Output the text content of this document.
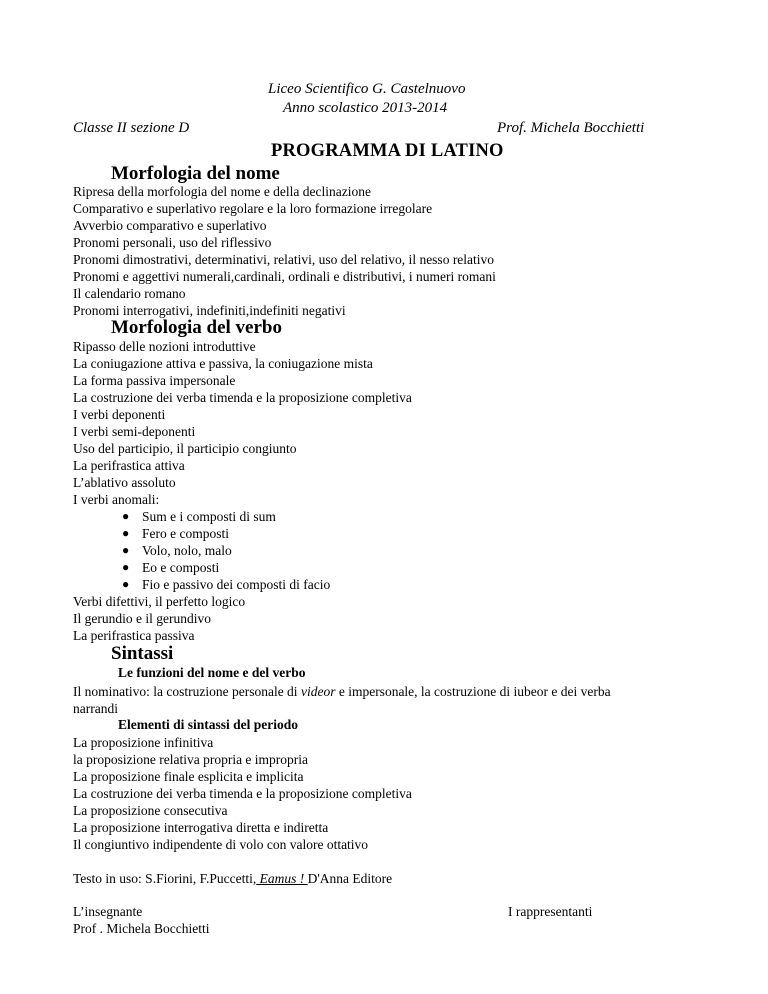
Liceo Scientifico G. Castelnuovo
Anno scolastico 2013-2014
Classe II sezione D	Prof. Michela Bocchietti
PROGRAMMA DI LATINO
Morfologia del nome
Ripresa della morfologia del nome e della declinazione
Comparativo e superlativo regolare e la loro formazione irregolare
Avverbio comparativo e superlativo
Pronomi personali, uso del riflessivo
Pronomi dimostrativi, determinativi, relativi, uso del relativo, il nesso relativo
Pronomi e aggettivi numerali,cardinali, ordinali e distributivi, i numeri romani
Il calendario romano
Pronomi interrogativi, indefiniti,indefiniti negativi
Morfologia del verbo
Ripasso delle nozioni introduttive
La coniugazione attiva e passiva, la coniugazione mista
La forma passiva impersonale
La costruzione dei verba timenda e la proposizione completiva
I verbi deponenti
I verbi semi-deponenti
Uso del participio, il participio congiunto
La perifrastica attiva
L’ablativo assoluto
I verbi anomali:
● Sum e i composti di sum
● Fero e composti
● Volo, nolo, malo
● Eo e composti
● Fio e passivo dei composti di facio
Verbi difettivi, il perfetto logico
Il gerundio e il gerundivo
La perifrastica passiva
Sintassi
Le funzioni del nome e del verbo
Il nominativo: la costruzione personale di videor e impersonale, la costruzione di iubeor e dei verba
narrandi
Elementi di sintassi del periodo
La proposizione infinitiva
la proposizione relativa propria e impropria
La proposizione finale esplicita e implicita
La costruzione dei verba timenda e la proposizione completiva
La proposizione consecutiva
La proposizione interrogativa diretta e indiretta
Il congiuntivo indipendente di volo con valore ottativo
Testo in uso: S.Fiorini, F.Puccetti, Eamus ! D'Anna Editore
L’insegnante
Prof . Michela Bocchietti
I rappresentanti
